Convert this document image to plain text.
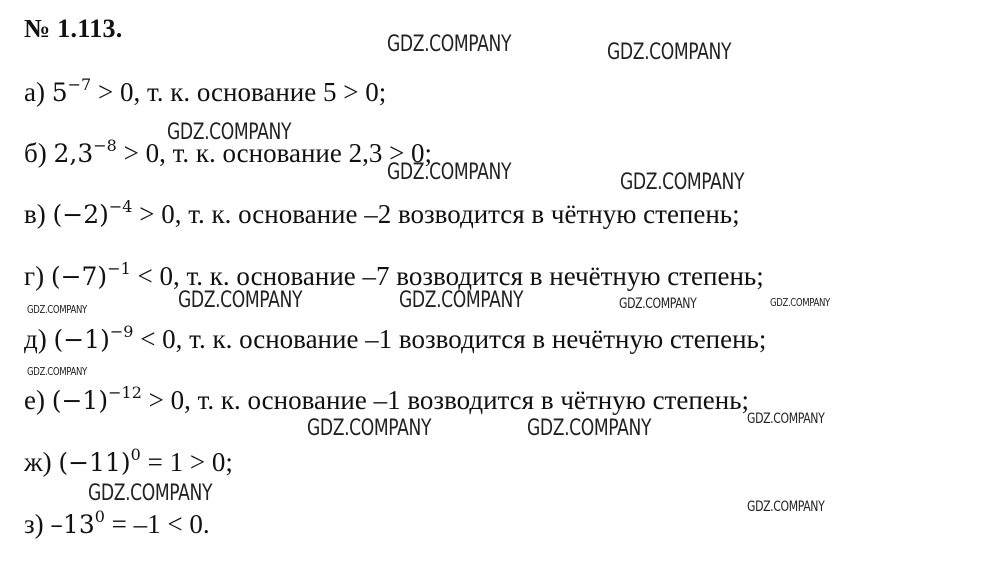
№ 1.113.
а) $5^{-7} > 0$, т. к. основание 5 > 0;
б) $2,3^{-8} > 0$, т. к. основание 2,3 > 0;
в) $(-2)^{-4} > 0$, т. к. основание –2 возводится в чётную степень;
г) $(-7)^{-1} < 0$, т. к. основание –7 возводится в нечётную степень;
д) $(-1)^{-9} < 0$, т. к. основание –1 возводится в нечётную степень;
е) $(-1)^{-12} > 0$, т. к. основание –1 возводится в чётную степень;
ж) $(-11)^0 = 1 > 0$;
з) $-13^0 = -1 < 0$.
GDZ.COMPANY	GDZ.COMPANY
GDZ.COMPANY
GDZ.COMPANY	GDZ.COMPANY
GDZ.COMPANY	GDZ.COMPANY	GDZ.COMPANY	GDZ.COMPANY
GDZ.COMPANY
GDZ.COMPANY
GDZ.COMPANY
GDZ.COMPANY	GDZ.COMPANY
GDZ.COMPANY
GDZ.COMPANY
